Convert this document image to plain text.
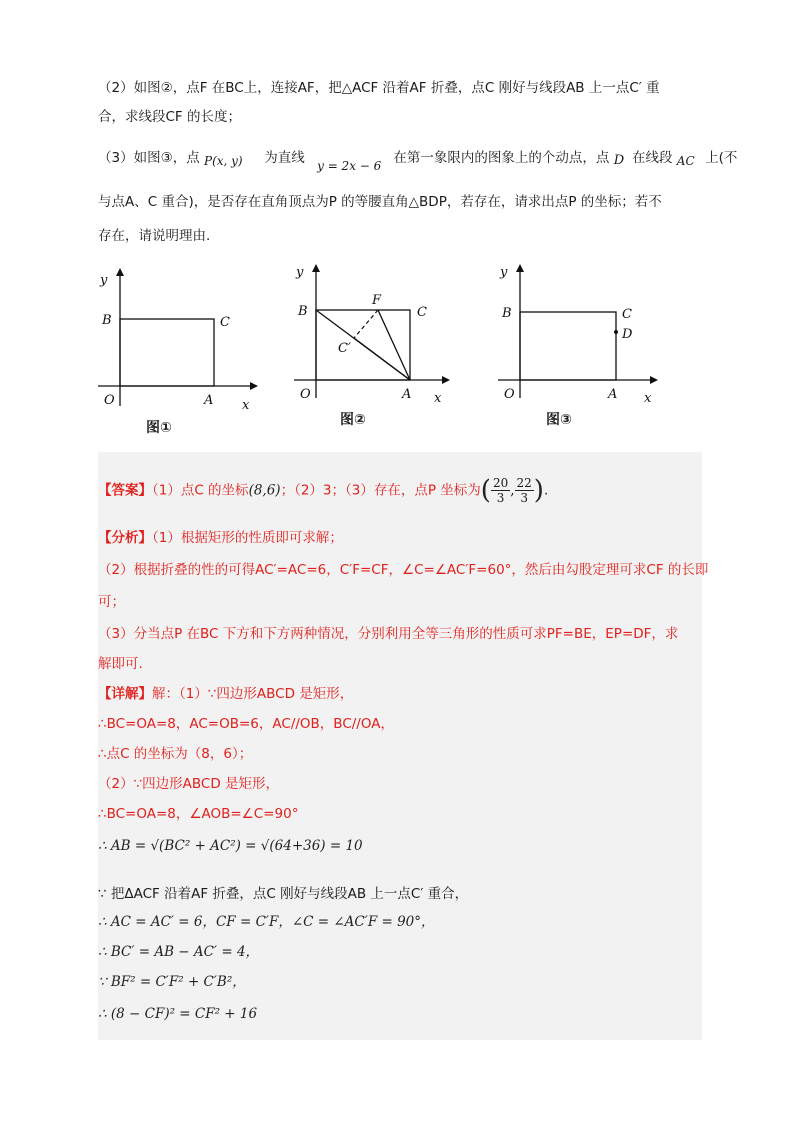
（2）如图②，点F 在BC上，连接AF，把△ACF 沿着AF 折叠，点C 刚好与线段AB 上一点C′ 重
合，求线段CF 的长度；
（3）如图③，点 P(x, y) 为直线 y = 2x − 6 在第一象限内的图象上的个动点，点 D 在线段 AC 上(不
与点A、C 重合)，是否存在直角顶点为P 的等腰直角△BDP，若存在，请求出点P 的坐标；若不
存在，请说明理由.
y
x
O	A
B	C
图①
y
x
O	A
B	C
F
C′
图②
y
x
O	A
B	C
D
图③
【答案】（1）点C 的坐标(8,6)；（2）3；（3）存在，点P 坐标为( $\frac{20}{3}$ , $\frac{22}{3}$ ).
【分析】（1）根据矩形的性质即可求解；
（2）根据折叠的性的可得AC′=AC=6，C′F=CF，∠C=∠AC′F=60°，然后由勾股定理可求CF 的长即
可；
（3）分当点P 在BC 下方和下方两种情况，分别利用全等三角形的性质可求PF=BE，EP=DF，求
解即可.
【详解】解：（1）∵四边形ABCD 是矩形，
∴BC=OA=8，AC=OB=6，AC//OB，BC//OA，
∴点C 的坐标为（8，6）；
（2）∵四边形ABCD 是矩形，
∴BC=OA=8，∠AOB=∠C=90°
∴ AB = √(BC² + AC²) = √(64+36) = 10
∵ 把ΔACF 沿着AF 折叠，点C 刚好与线段AB 上一点C′ 重合，
∴ AC = AC′ = 6，CF = C′F，∠C = ∠AC′F = 90°，
∴ BC′ = AB − AC′ = 4，
∵ BF² = C′F² + C′B²，
∴ (8 − CF)² = CF² + 16
